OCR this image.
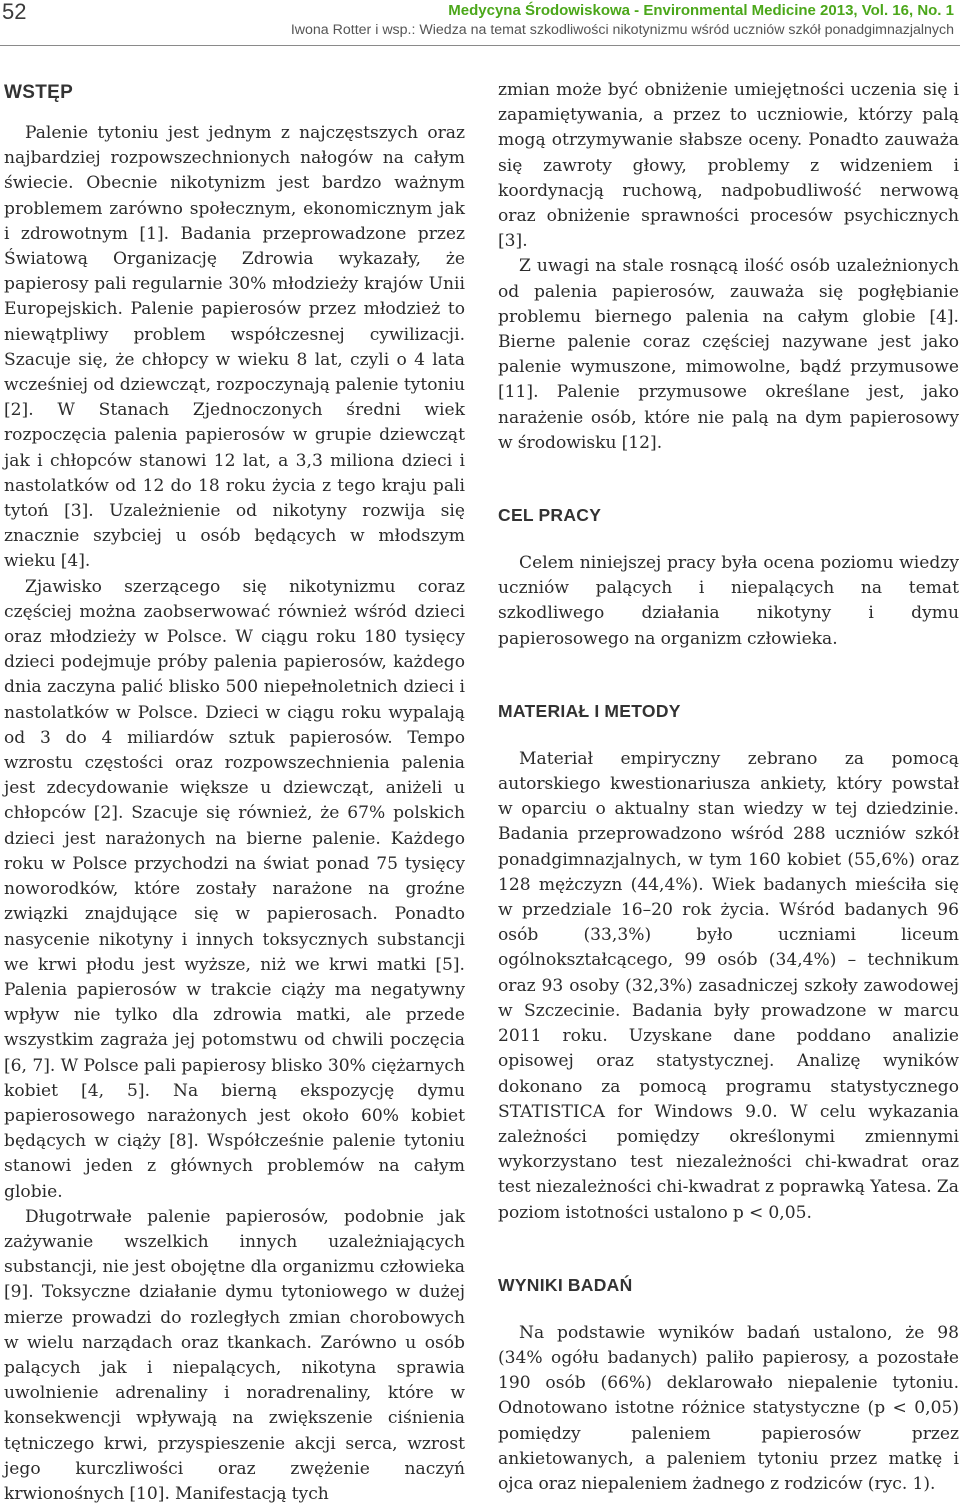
52	Medycyna Środowiskowa - Environmental Medicine 2013, Vol. 16, No. 1

Iwona Rotter i wsp.: Wiedza na temat szkodliwości nikotynizmu wśród uczniów szkół ponadgimnazjalnych

WSTĘP

Palenie tytoniu jest jednym z najczęstszych oraz najbardziej rozpowszechnionych nałogów na całym świecie. Obecnie nikotynizm jest bardzo ważnym problemem zarówno społecznym, ekonomicznym jak i zdrowotnym [1]. Badania przeprowadzone przez Światową Organizację Zdrowia wykazały, że papierosy pali regularnie 30% młodzieży krajów Unii Europejskich. Palenie papierosów przez młodzież to niewątpliwy problem współczesnej cywilizacji. Szacuje się, że chłopcy w wieku 8 lat, czyli o 4 lata wcześniej od dziewcząt, rozpoczynają palenie tytoniu [2]. W Stanach Zjednoczonych średni wiek rozpoczęcia palenia papierosów w grupie dziewcząt jak i chłopców stanowi 12 lat, a 3,3 miliona dzieci i nastolatków od 12 do 18 roku życia z tego kraju pali tytoń [3]. Uzależnienie od nikotyny rozwija się znacznie szybciej u osób będących w młodszym wieku [4].

Zjawisko szerzącego się nikotynizmu coraz częściej można zaobserwować również wśród dzieci oraz młodzieży w Polsce. W ciągu roku 180 tysięcy dzieci podejmuje próby palenia papierosów, każdego dnia zaczyna palić blisko 500 niepełnoletnich dzieci i nastolatków w Polsce. Dzieci w ciągu roku wypalają od 3 do 4 miliardów sztuk papierosów. Tempo wzrostu częstości oraz rozpowszechnienia palenia jest zdecydowanie większe u dziewcząt, aniżeli u chłopców [2]. Szacuje się również, że 67% polskich dzieci jest narażonych na bierne palenie. Każdego roku w Polsce przychodzi na świat ponad 75 tysięcy noworodków, które zostały narażone na groźne związki znajdujące się w papierosach. Ponadto nasycenie nikotyny i innych toksycznych substancji we krwi płodu jest wyższe, niż we krwi matki [5]. Palenia papierosów w trakcie ciąży ma negatywny wpływ nie tylko dla zdrowia matki, ale przede wszystkim zagraża jej potomstwu od chwili poczęcia [6, 7]. W Polsce pali papierosy blisko 30% ciężarnych kobiet [4, 5]. Na bierną ekspozycję dymu papierosowego narażonych jest około 60% kobiet będących w ciąży [8]. Współcześnie palenie tytoniu stanowi jeden z głównych problemów na całym globie.

Długotrwałe palenie papierosów, podobnie jak zażywanie wszelkich innych uzależniających substancji, nie jest obojętne dla organizmu człowieka [9]. Toksyczne działanie dymu tytoniowego w dużej mierze prowadzi do rozległych zmian chorobowych w wielu narządach oraz tkankach. Zarówno u osób palących jak i niepalących, nikotyna sprawia uwolnienie adrenaliny i noradrenaliny, które w konsekwencji wpływają na zwiększenie ciśnienia tętniczego krwi, przyspieszenie akcji serca, wzrost jego kurczliwości oraz zwężenie naczyń krwionośnych [10]. Manifestacją tych

zmian może być obniżenie umiejętności uczenia się i zapamiętywania, a przez to uczniowie, którzy palą mogą otrzymywanie słabsze oceny. Ponadto zauważa się zawroty głowy, problemy z widzeniem i koordynacją ruchową, nadpobudliwość nerwową oraz obniżenie sprawności procesów psychicznych [3].

Z uwagi na stale rosnącą ilość osób uzależnionych od palenia papierosów, zauważa się pogłębianie problemu biernego palenia na całym globie [4]. Bierne palenie coraz częściej nazywane jest jako palenie wymuszone, mimowolne, bądź przymusowe [11]. Palenie przymusowe określane jest, jako narażenie osób, które nie palą na dym papierosowy w środowisku [12].

CEL PRACY

Celem niniejszej pracy była ocena poziomu wiedzy uczniów palących i niepalących na temat szkodliwego działania nikotyny i dymu papierosowego na organizm człowieka.

MATERIAŁ I METODY

Materiał empiryczny zebrano za pomocą autorskiego kwestionariusza ankiety, który powstał w oparciu o aktualny stan wiedzy w tej dziedzinie. Badania przeprowadzono wśród 288 uczniów szkół ponadgimnazjalnych, w tym 160 kobiet (55,6%) oraz 128 mężczyzn (44,4%). Wiek badanych mieściła się w przedziale 16–20 rok życia. Wśród badanych 96 osób (33,3%) było uczniami liceum ogólnokształcącego, 99 osób (34,4%) – technikum oraz 93 osoby (32,3%) zasadniczej szkoły zawodowej w Szczecinie. Badania były prowadzone w marcu 2011 roku. Uzyskane dane poddano analizie opisowej oraz statystycznej. Analizę wyników dokonano za pomocą programu statystycznego STATISTICA for Windows 9.0. W celu wykazania zależności pomiędzy określonymi zmiennymi wykorzystano test niezależności chi-kwadrat oraz test niezależności chi-kwadrat z poprawką Yatesa. Za poziom istotności ustalono p < 0,05.

WYNIKI BADAŃ

Na podstawie wyników badań ustalono, że 98 (34% ogółu badanych) paliło papierosy, a pozostałe 190 osób (66%) deklarowało niepalenie tytoniu. Odnotowano istotne różnice statystyczne (p < 0,05) pomiędzy paleniem papierosów przez ankietowanych, a paleniem tytoniu przez matkę i ojca oraz niepaleniem żadnego z rodziców (ryc. 1).
